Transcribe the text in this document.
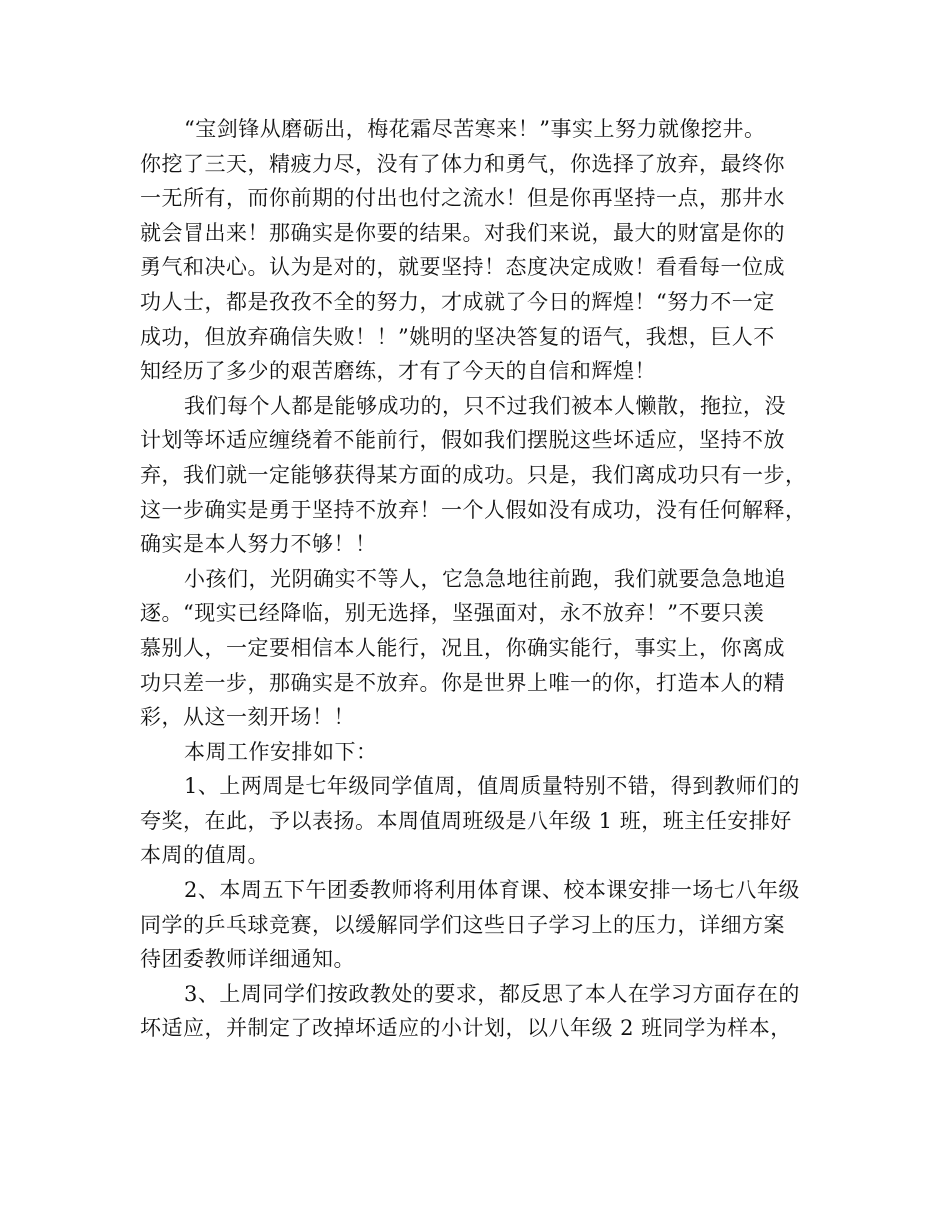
“宝剑锋从磨砺出，梅花霜尽苦寒来！”事实上努力就像挖井。
你挖了三天，精疲力尽，没有了体力和勇气，你选择了放弃，最终你
一无所有，而你前期的付出也付之流水！但是你再坚持一点，那井水
就会冒出来！那确实是你要的结果。对我们来说，最大的财富是你的
勇气和决心。认为是对的，就要坚持！态度决定成败！看看每一位成
功人士，都是孜孜不全的努力，才成就了今日的辉煌！“努力不一定
成功，但放弃确信失败！！”姚明的坚决答复的语气，我想，巨人不
知经历了多少的艰苦磨练，才有了今天的自信和辉煌！
我们每个人都是能够成功的，只不过我们被本人懒散，拖拉，没
计划等坏适应缠绕着不能前行，假如我们摆脱这些坏适应，坚持不放
弃，我们就一定能够获得某方面的成功。只是，我们离成功只有一步，
这一步确实是勇于坚持不放弃！一个人假如没有成功，没有任何解释，
确实是本人努力不够！！
小孩们，光阴确实不等人，它急急地往前跑，我们就要急急地追
逐。“现实已经降临，别无选择，坚强面对，永不放弃！”不要只羡
慕别人，一定要相信本人能行，况且，你确实能行，事实上，你离成
功只差一步，那确实是不放弃。你是世界上唯一的你，打造本人的精
彩，从这一刻开场！！
本周工作安排如下：
1、上两周是七年级同学值周，值周质量特别不错，得到教师们的
夸奖，在此，予以表扬。本周值周班级是八年级 1 班，班主任安排好
本周的值周。
2、本周五下午团委教师将利用体育课、校本课安排一场七八年级
同学的乒乓球竞赛，以缓解同学们这些日子学习上的压力，详细方案
待团委教师详细通知。
3、上周同学们按政教处的要求，都反思了本人在学习方面存在的
坏适应，并制定了改掉坏适应的小计划，以八年级 2 班同学为样本，
